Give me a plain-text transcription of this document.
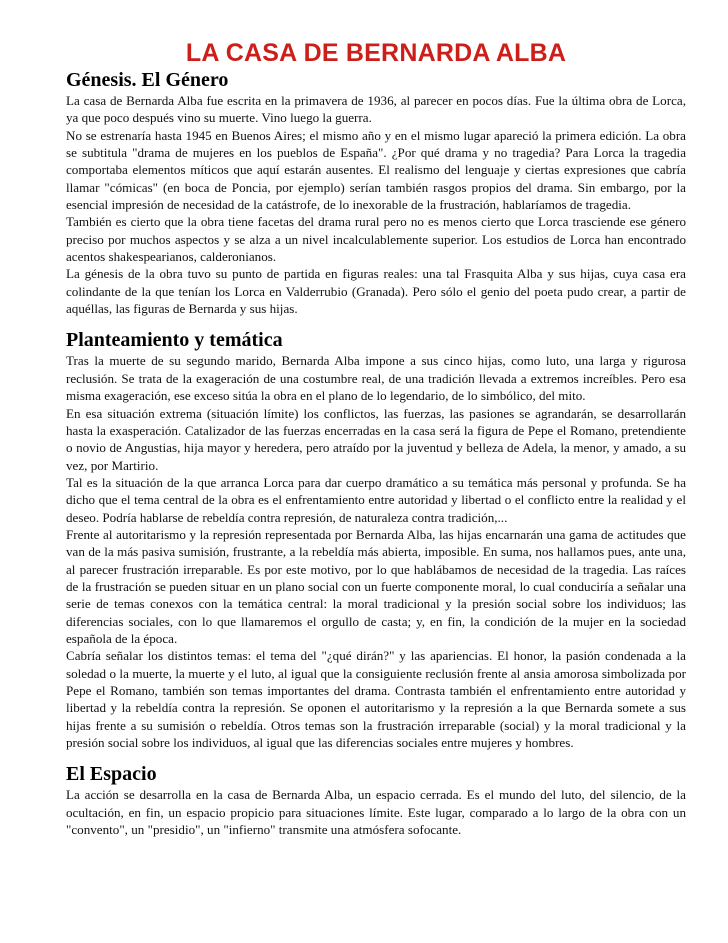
LA CASA DE BERNARDA ALBA
Génesis. El Género

La casa de Bernarda Alba fue escrita en la primavera de 1936, al parecer en pocos días. Fue la última obra de Lorca, ya que poco después vino su muerte. Vino luego la guerra.

No se estrenaría hasta 1945 en Buenos Aires; el mismo año y en el mismo lugar apareció la primera edición. La obra se subtitula "drama de mujeres en los pueblos de España". ¿Por qué drama y no tragedia? Para Lorca la tragedia comportaba elementos míticos que aquí estarán ausentes. El realismo del lenguaje y ciertas expresiones que cabría llamar "cómicas" (en boca de Poncia, por ejemplo) serían también rasgos propios del drama. Sin embargo, por la esencial impresión de necesidad de la catástrofe, de lo inexorable de la frustración, hablaríamos de tragedia.

También es cierto que la obra tiene facetas del drama rural pero no es menos cierto que Lorca trasciende ese género preciso por muchos aspectos y se alza a un nivel incalculablemente superior. Los estudios de Lorca han encontrado acentos shakespearianos, calderonianos.

La génesis de la obra tuvo su punto de partida en figuras reales: una tal Frasquita Alba y sus hijas, cuya casa era colindante de la que tenían los Lorca en Valderrubio (Granada). Pero sólo el genio del poeta pudo crear, a partir de aquéllas, las figuras de Bernarda y sus hijas.

Planteamiento y temática

Tras la muerte de su segundo marido, Bernarda Alba impone a sus cinco hijas, como luto, una larga y rigurosa reclusión. Se trata de la exageración de una costumbre real, de una tradición llevada a extremos increíbles. Pero esa misma exageración, ese exceso sitúa la obra en el plano de lo legendario, de lo simbólico, del mito.

En esa situación extrema (situación límite) los conflictos, las fuerzas, las pasiones se agrandarán, se desarrollarán hasta la exasperación. Catalizador de las fuerzas encerradas en la casa será la figura de Pepe el Romano, pretendiente o novio de Angustias, hija mayor y heredera, pero atraído por la juventud y belleza de Adela, la menor, y amado, a su vez, por Martirio.

Tal es la situación de la que arranca Lorca para dar cuerpo dramático a su temática más personal y profunda. Se ha dicho que el tema central de la obra es el enfrentamiento entre autoridad y libertad o el conflicto entre la realidad y el deseo. Podría hablarse de rebeldía contra represión, de naturaleza contra tradición,...

Frente al autoritarismo y la represión representada por Bernarda Alba, las hijas encarnarán una gama de actitudes que van de la más pasiva sumisión, frustrante, a la rebeldía más abierta, imposible. En suma, nos hallamos pues, ante una, al parecer frustración irreparable. Es por este motivo, por lo que hablábamos de necesidad de la tragedia. Las raíces de la frustración se pueden situar en un plano social con un fuerte componente moral, lo cual conduciría a señalar una serie de temas conexos con la temática central: la moral tradicional y la presión social sobre los individuos; las diferencias sociales, con lo que llamaremos el orgullo de casta; y, en fin, la condición de la mujer en la sociedad española de la época.

Cabría señalar los distintos temas: el tema del "¿qué dirán?" y las apariencias. El honor, la pasión condenada a la soledad o la muerte, la muerte y el luto, al igual que la consiguiente reclusión frente al ansia amorosa simbolizada por Pepe el Romano, también son temas importantes del drama. Contrasta también el enfrentamiento entre autoridad y libertad y la rebeldía contra la represión. Se oponen el autoritarismo y la represión a la que Bernarda somete a sus hijas frente a su sumisión o rebeldía. Otros temas son la frustración irreparable (social) y la moral tradicional y la presión social sobre los individuos, al igual que las diferencias sociales entre mujeres y hombres.

El Espacio

La acción se desarrolla en la casa de Bernarda Alba, un espacio cerrada. Es el mundo del luto, del silencio, de la ocultación, en fin, un espacio propicio para situaciones límite. Este lugar, comparado a lo largo de la obra con un "convento", un "presidio", un "infierno" transmite una atmósfera sofocante.
